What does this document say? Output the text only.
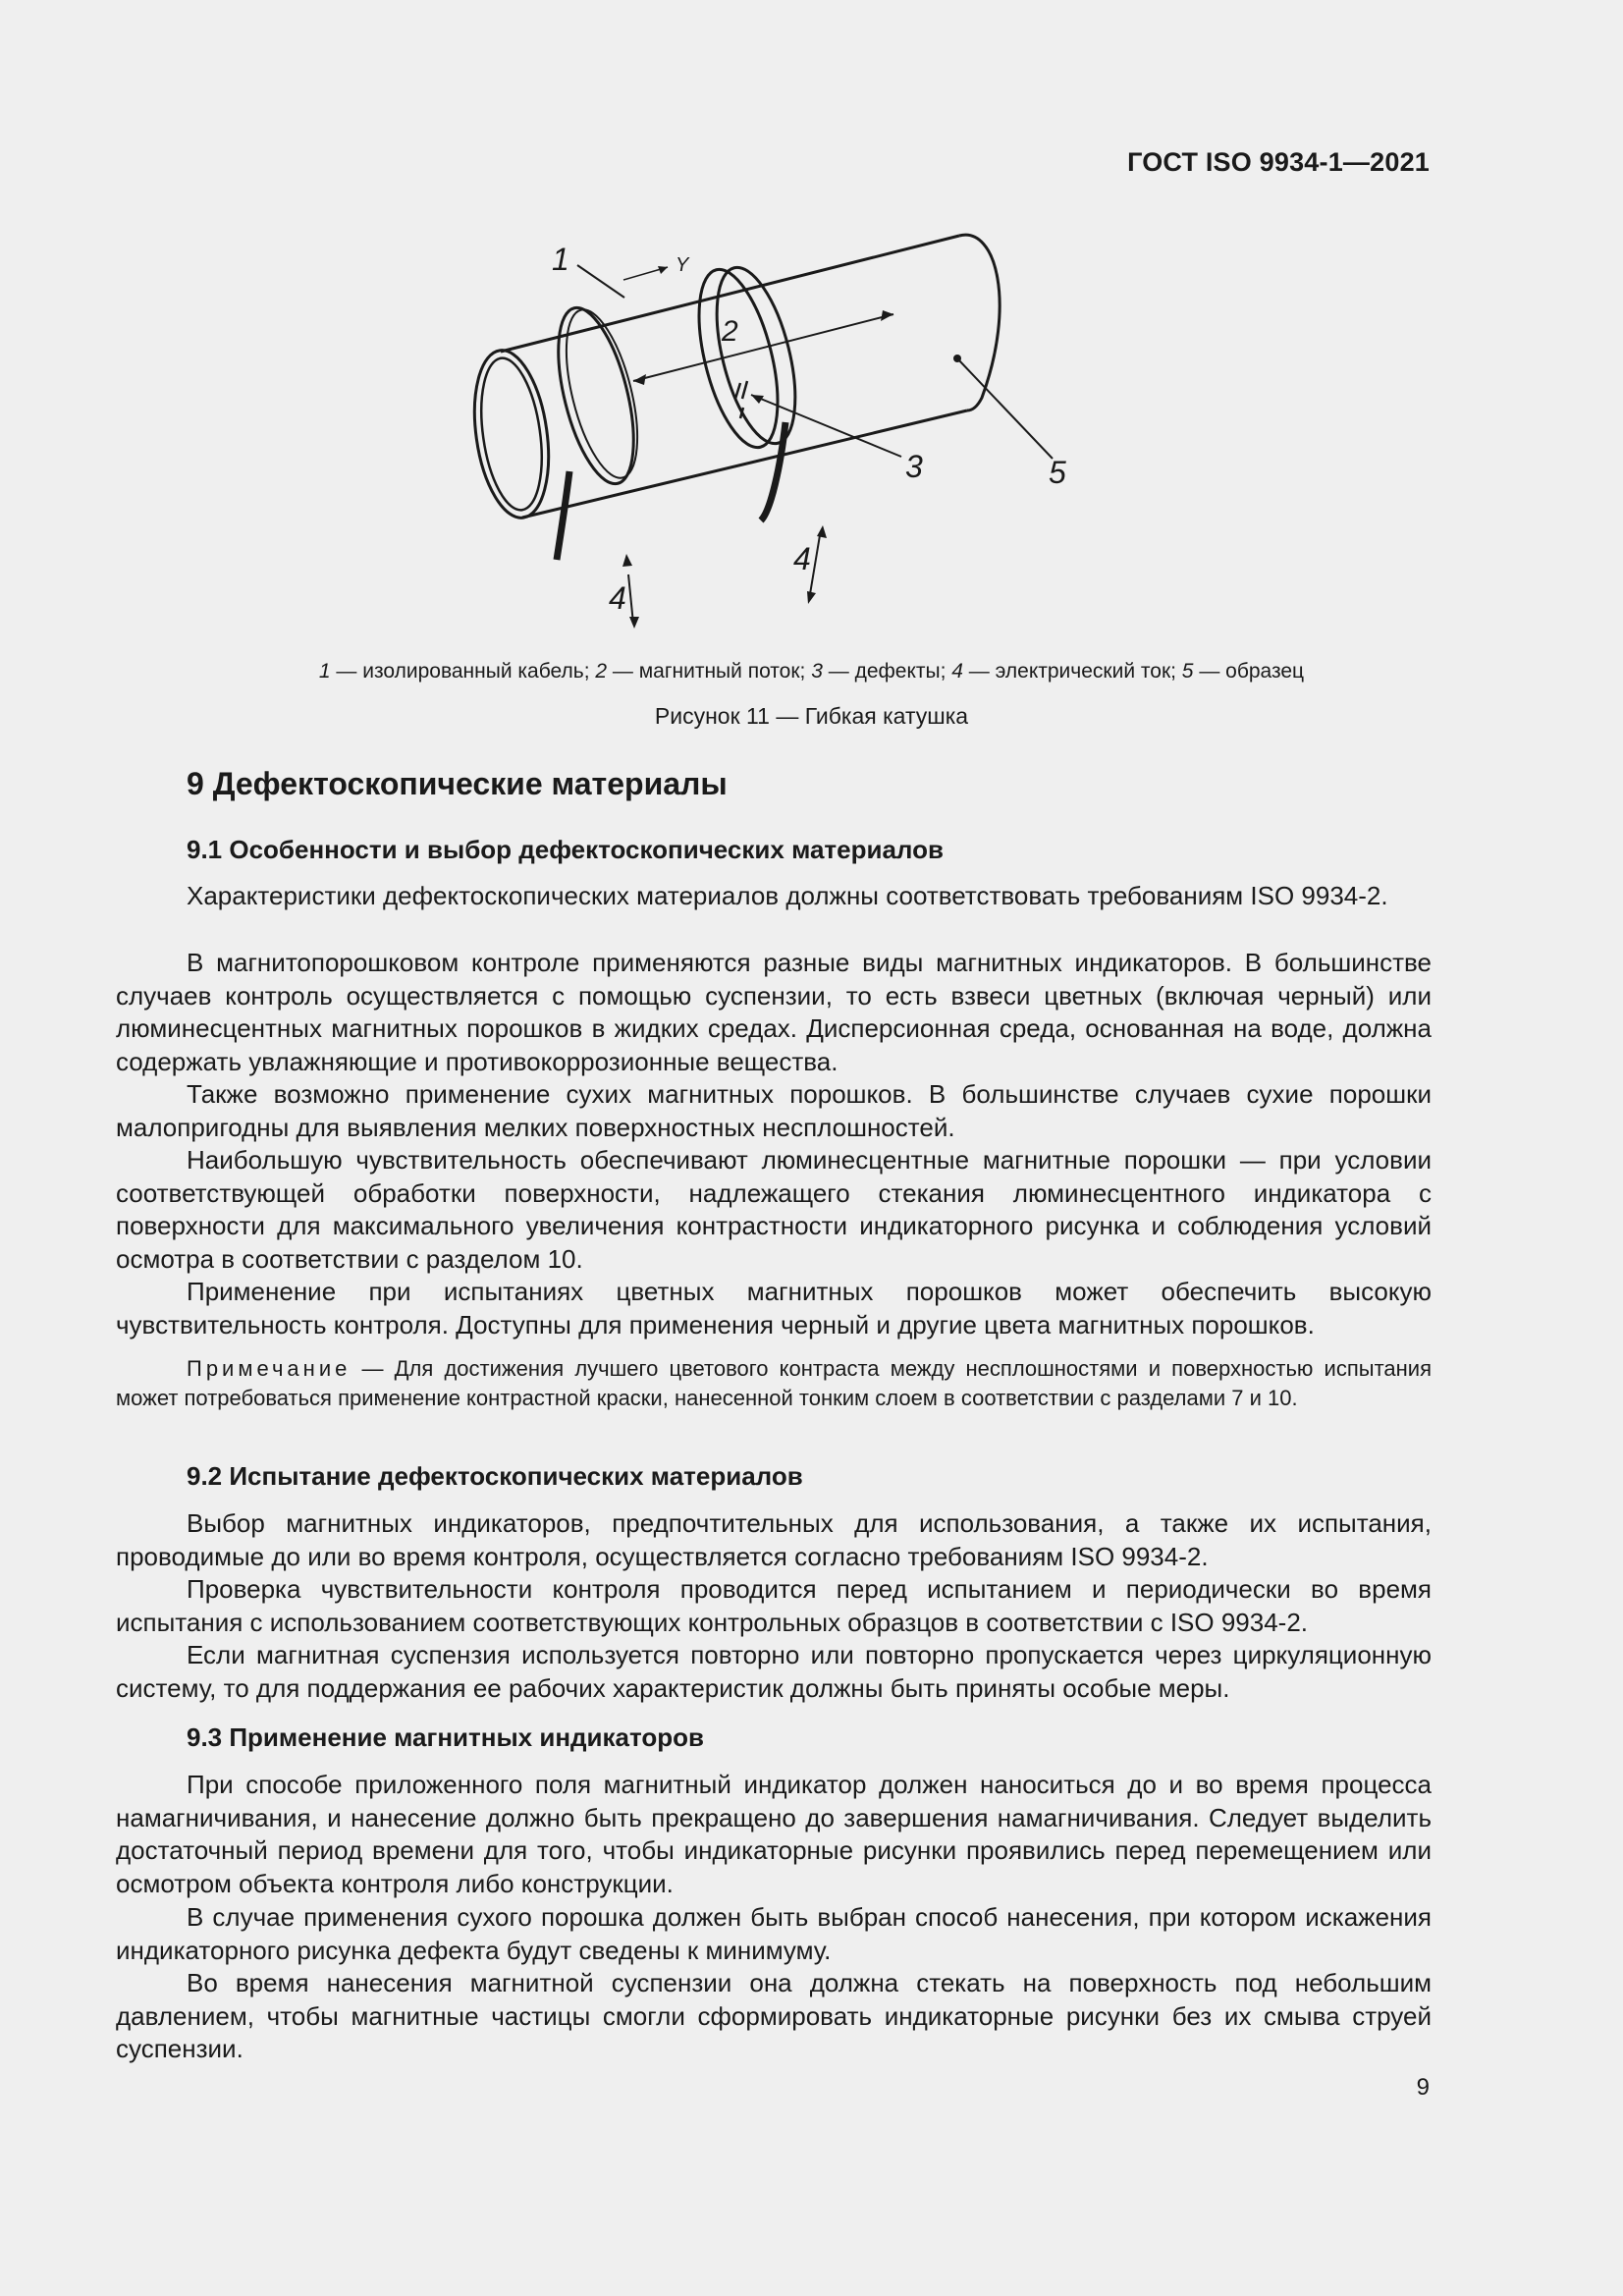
ГОСТ ISO 9934-1—2021
1
2
3
4
4
5
Y
1 — изолированный кабель; 2 — магнитный поток; 3 — дефекты; 4 — электрический ток; 5 — образец
Рисунок 11 — Гибкая катушка
9 Дефектоскопические материалы
9.1 Особенности и выбор дефектоскопических материалов

Характеристики дефектоскопических материалов должны соответствовать требованиям ISO 9934-2.

В магнитопорошковом контроле применяются разные виды магнитных индикаторов. В большинстве случаев контроль осуществляется с помощью суспензии, то есть взвеси цветных (включая черный) или люминесцентных магнитных порошков в жидких средах. Дисперсионная среда, основанная на воде, должна содержать увлажняющие и противокоррозионные вещества.

Также возможно применение сухих магнитных порошков. В большинстве случаев сухие порошки малопригодны для выявления мелких поверхностных несплошностей.

Наибольшую чувствительность обеспечивают люминесцентные магнитные порошки — при условии соответствующей обработки поверхности, надлежащего стекания люминесцентного индикатора с поверхности для максимального увеличения контрастности индикаторного рисунка и соблюдения условий осмотра в соответствии с разделом 10.

Применение при испытаниях цветных магнитных порошков может обеспечить высокую чувствительность контроля. Доступны для применения черный и другие цвета магнитных порошков.

Примечание — Для достижения лучшего цветового контраста между несплошностями и поверхностью испытания может потребоваться применение контрастной краски, нанесенной тонким слоем в соответствии с разделами 7 и 10.

9.2 Испытание дефектоскопических материалов

Выбор магнитных индикаторов, предпочтительных для использования, а также их испытания, проводимые до или во время контроля, осуществляется согласно требованиям ISO 9934-2.

Проверка чувствительности контроля проводится перед испытанием и периодически во время испытания с использованием соответствующих контрольных образцов в соответствии с ISO 9934-2.

Если магнитная суспензия используется повторно или повторно пропускается через циркуляционную систему, то для поддержания ее рабочих характеристик должны быть приняты особые меры.

9.3 Применение магнитных индикаторов

При способе приложенного поля магнитный индикатор должен наноситься до и во время процесса намагничивания, и нанесение должно быть прекращено до завершения намагничивания. Следует выделить достаточный период времени для того, чтобы индикаторные рисунки проявились перед перемещением или осмотром объекта контроля либо конструкции.

В случае применения сухого порошка должен быть выбран способ нанесения, при котором искажения индикаторного рисунка дефекта будут сведены к минимуму.

Во время нанесения магнитной суспензии она должна стекать на поверхность под небольшим давлением, чтобы магнитные частицы смогли сформировать индикаторные рисунки без их смыва струей суспензии.

9
